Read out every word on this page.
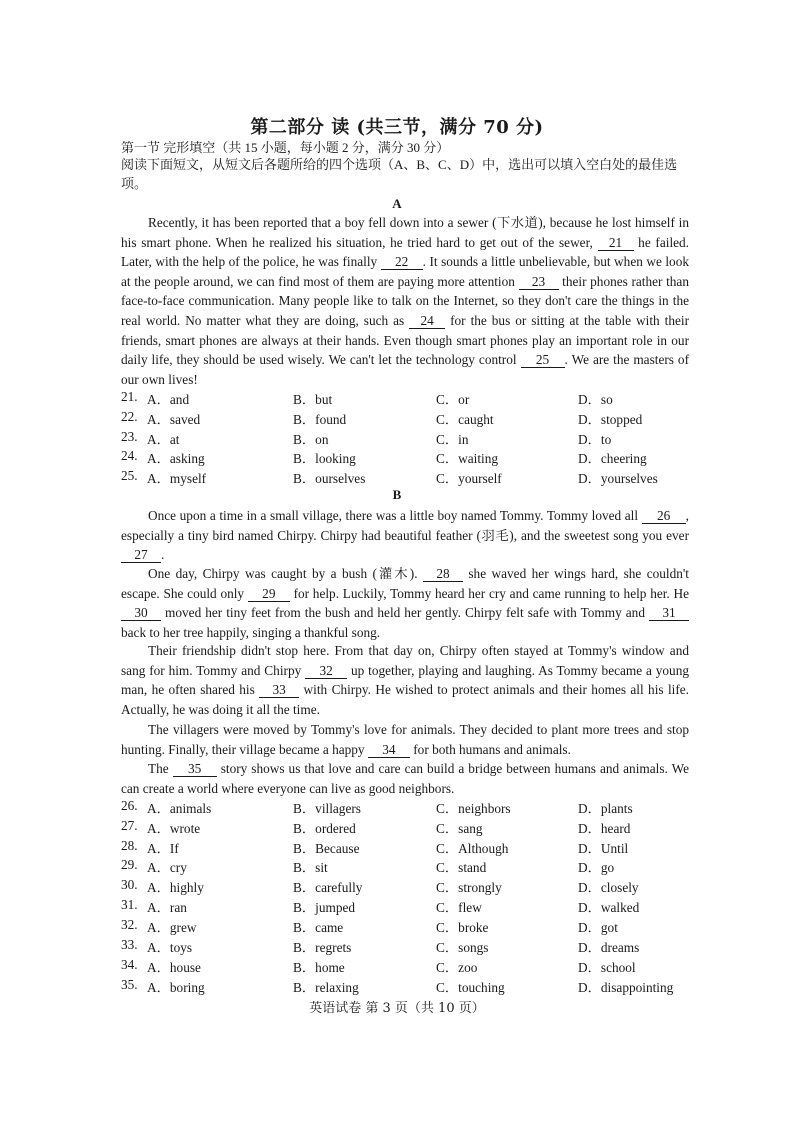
第二部分 读 (共三节，满分 70 分)
第一节 完形填空（共 15 小题，每小题 2 分，满分 30 分）
阅读下面短文，从短文后各题所给的四个选项（A、B、C、D）中，选出可以填入空白处的最佳选项。
A
Recently, it has been reported that a boy fell down into a sewer (下水道), because he lost himself in his smart phone. When he realized his situation, he tried hard to get out of the sewer, 21 he failed. Later, with the help of the police, he was finally 22 . It sounds a little unbelievable, but when we look at the people around, we can find most of them are paying more attention 23 their phones rather than face-to-face communication. Many people like to talk on the Internet, so they don't care the things in the real world. No matter what they are doing, such as 24 for the bus or sitting at the table with their friends, smart phones are always at their hands. Even though smart phones play an important role in our daily life, they should be used wisely. We can't let the technology control 25 . We are the masters of our own lives!
21. A．and	B．but	C．or	D．so
22. A．saved	B．found	C．caught	D．stopped
23. A．at	B．on	C．in	D．to
24. A．asking	B．looking	C．waiting	D．cheering
25. A．myself	B．ourselves	C．yourself	D．yourselves
B
Once upon a time in a small village, there was a little boy named Tommy. Tommy loved all 26 , especially a tiny bird named Chirpy. Chirpy had beautiful feather (羽毛), and the sweetest song you ever 27 .
One day, Chirpy was caught by a bush (灌木). 28 she waved her wings hard, she couldn't escape. She could only 29 for help. Luckily, Tommy heard her cry and came running to help her. He 30 moved her tiny feet from the bush and held her gently. Chirpy felt safe with Tommy and 31 back to her tree happily, singing a thankful song.
Their friendship didn't stop here. From that day on, Chirpy often stayed at Tommy's window and sang for him. Tommy and Chirpy 32 up together, playing and laughing. As Tommy became a young man, he often shared his 33 with Chirpy. He wished to protect animals and their homes all his life. Actually, he was doing it all the time.
The villagers were moved by Tommy's love for animals. They decided to plant more trees and stop hunting. Finally, their village became a happy 34 for both humans and animals.
The 35 story shows us that love and care can build a bridge between humans and animals. We can create a world where everyone can live as good neighbors.
26. A．animals	B．villagers	C．neighbors	D．plants
27. A．wrote	B．ordered	C．sang	D．heard
28. A．If	B．Because	C．Although	D．Until
29. A．cry	B．sit	C．stand	D．go
30. A．highly	B．carefully	C．strongly	D．closely
31. A．ran	B．jumped	C．flew	D．walked
32. A．grew	B．came	C．broke	D．got
33. A．toys	B．regrets	C．songs	D．dreams
34. A．house	B．home	C．zoo	D．school
35. A．boring	B．relaxing	C．touching	D．disappointing
英语试卷 第 3 页（共 10 页）
